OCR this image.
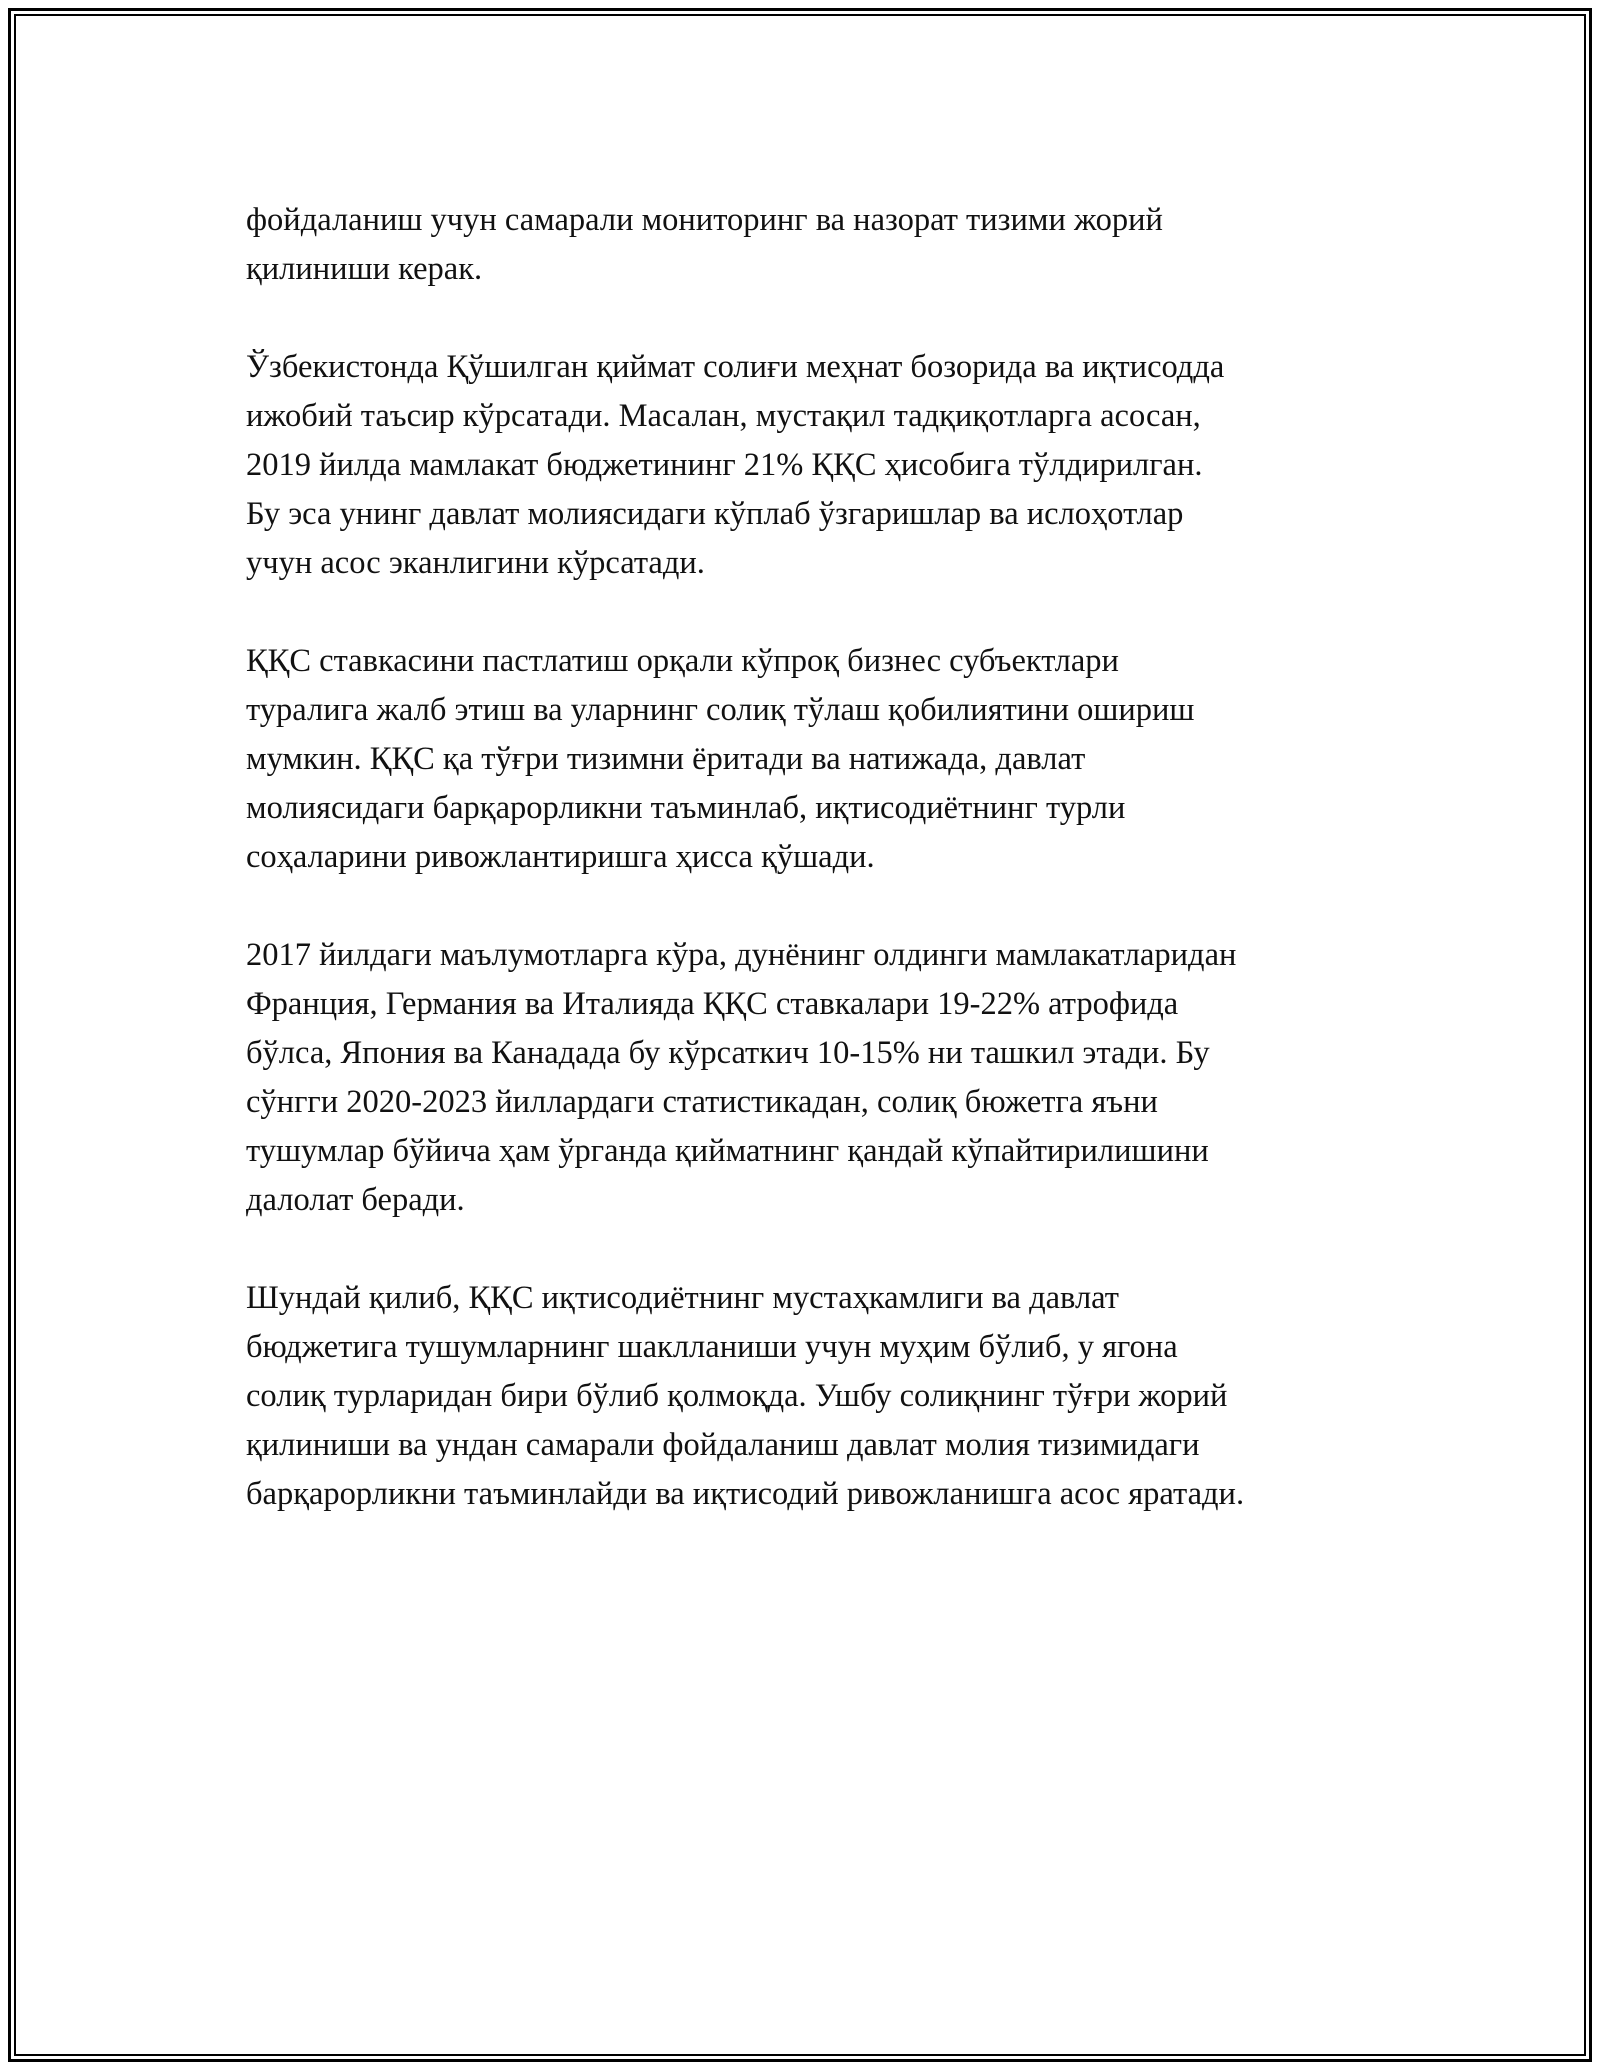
фойдаланиш учун самарали мониторинг ва назорат тизими жорий
қилиниши керак.

Ўзбекистонда Қўшилган қиймат солиғи меҳнат бозорида ва иқтисодда
ижобий таъсир кўрсатади. Масалан, мустақил тадқиқотларга асосан,
2019 йилда мамлакат бюджетининг 21% ҚҚС ҳисобига тўлдирилган.
Бу эса унинг давлат молиясидаги кўплаб ўзгаришлар ва ислоҳотлар
учун асос эканлигини кўрсатади.

ҚҚС ставкасини пастлатиш орқали кўпроқ бизнес субъектлари
туралига жалб этиш ва уларнинг солиқ тўлаш қобилиятини ошириш
мумкин. ҚҚС қа тўғри тизимни ёритади ва натижада, давлат
молиясидаги барқарорликни таъминлаб, иқтисодиётнинг турли
соҳаларини ривожлантиришга ҳисса қўшади.

2017 йилдаги маълумотларга кўра, дунёнинг олдинги мамлакатларидан
Франция, Германия ва Италияда ҚҚС ставкалари 19-22% атрофида
бўлса, Япония ва Канадада бу кўрсаткич 10-15% ни ташкил этади. Бу
сўнгги 2020-2023 йиллардаги статистикадан, солиқ бюжетга яъни
тушумлар бўйича ҳам ўрганда қийматнинг қандай кўпайтирилишини
далолат беради.

Шундай қилиб, ҚҚС иқтисодиётнинг мустаҳкамлиги ва давлат
бюджетига тушумларнинг шаклланиши учун муҳим бўлиб, у ягона
солиқ турларидан бири бўлиб қолмоқда. Ушбу солиқнинг тўғри жорий
қилиниши ва ундан самарали фойдаланиш давлат молия тизимидаги
барқарорликни таъминлайди ва иқтисодий ривожланишга асос яратади.
